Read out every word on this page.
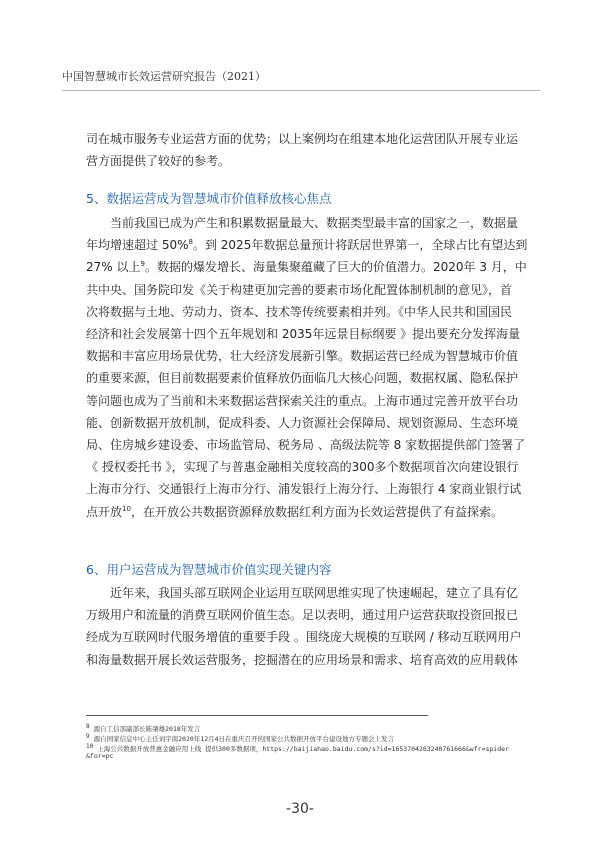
中国智慧城市长效运营研究报告（2021）

司在城市服务专业运营方面的优势；以上案例均在组建本地化运营团队开展专业运
营方面提供了较好的参考。

5、数据运营成为智慧城市价值释放核心焦点

当前我国已成为产生和积累数据量最大、数据类型最丰富的国家之一，数据量
年均增速超过 50%$^8$。到 2025年数据总量预计将跃居世界第一，全球占比有望达到
27% 以上$^9$。数据的爆发增长、海量集聚蕴藏了巨大的价值潜力。2020年 3 月，中
共中央、国务院印发《关于构建更加完善的要素市场化配置体制机制的意见》，首
次将数据与土地、劳动力、资本、技术等传统要素相并列。《中华人民共和国国民
经济和社会发展第十四个五年规划和 2035年远景目标纲要 》提出要充分发挥海量
数据和丰富应用场景优势，壮大经济发展新引擎。数据运营已经成为智慧城市价值
的重要来源，但目前数据要素价值释放仍面临几大核心问题，数据权属、隐私保护
等问题也成为了当前和未来数据运营探索关注的重点。上海市通过完善开放平台功
能、创新数据开放机制，促成科委、人力资源社会保障局、规划资源局、生态环境
局、住房城乡建设委、市场监管局、税务局 、高级法院等 8 家数据提供部门签署了
《 授权委托书 》，实现了与普惠金融相关度较高的300多个数据项首次向建设银行
上海市分行、交通银行上海市分行、浦发银行上海分行、上海银行 4 家商业银行试
点开放$^{10}$，在开放公共数据资源释放数据红利方面为长效运营提供了有益探索。

6、用户运营成为智慧城市价值实现关键内容

近年来，我国头部互联网企业运用互联网思维实现了快速崛起，建立了具有亿
万级用户和流量的消费互联网价值生态。足以表明，通过用户运营获取投资回报已
经成为互联网时代服务增值的重要手段 。围绕庞大规模的互联网 / 移动互联网用户
和海量数据开展长效运营服务，挖掘潜在的应用场景和需求、培育高效的应用载体

8 源自工信部副部长陈肇雄2018年发言
9 源自国家信息中心主任刘宇南2020年12月4日在重庆召开的国家公共数据开放平台建设地方专题会上发言
10 上海公共数据开放普惠金融应用上线 提供300多数据项，https://baijiahao.baidu.com/s?id=1653704263240761666&wfr=spider
&for=pc
-30-
